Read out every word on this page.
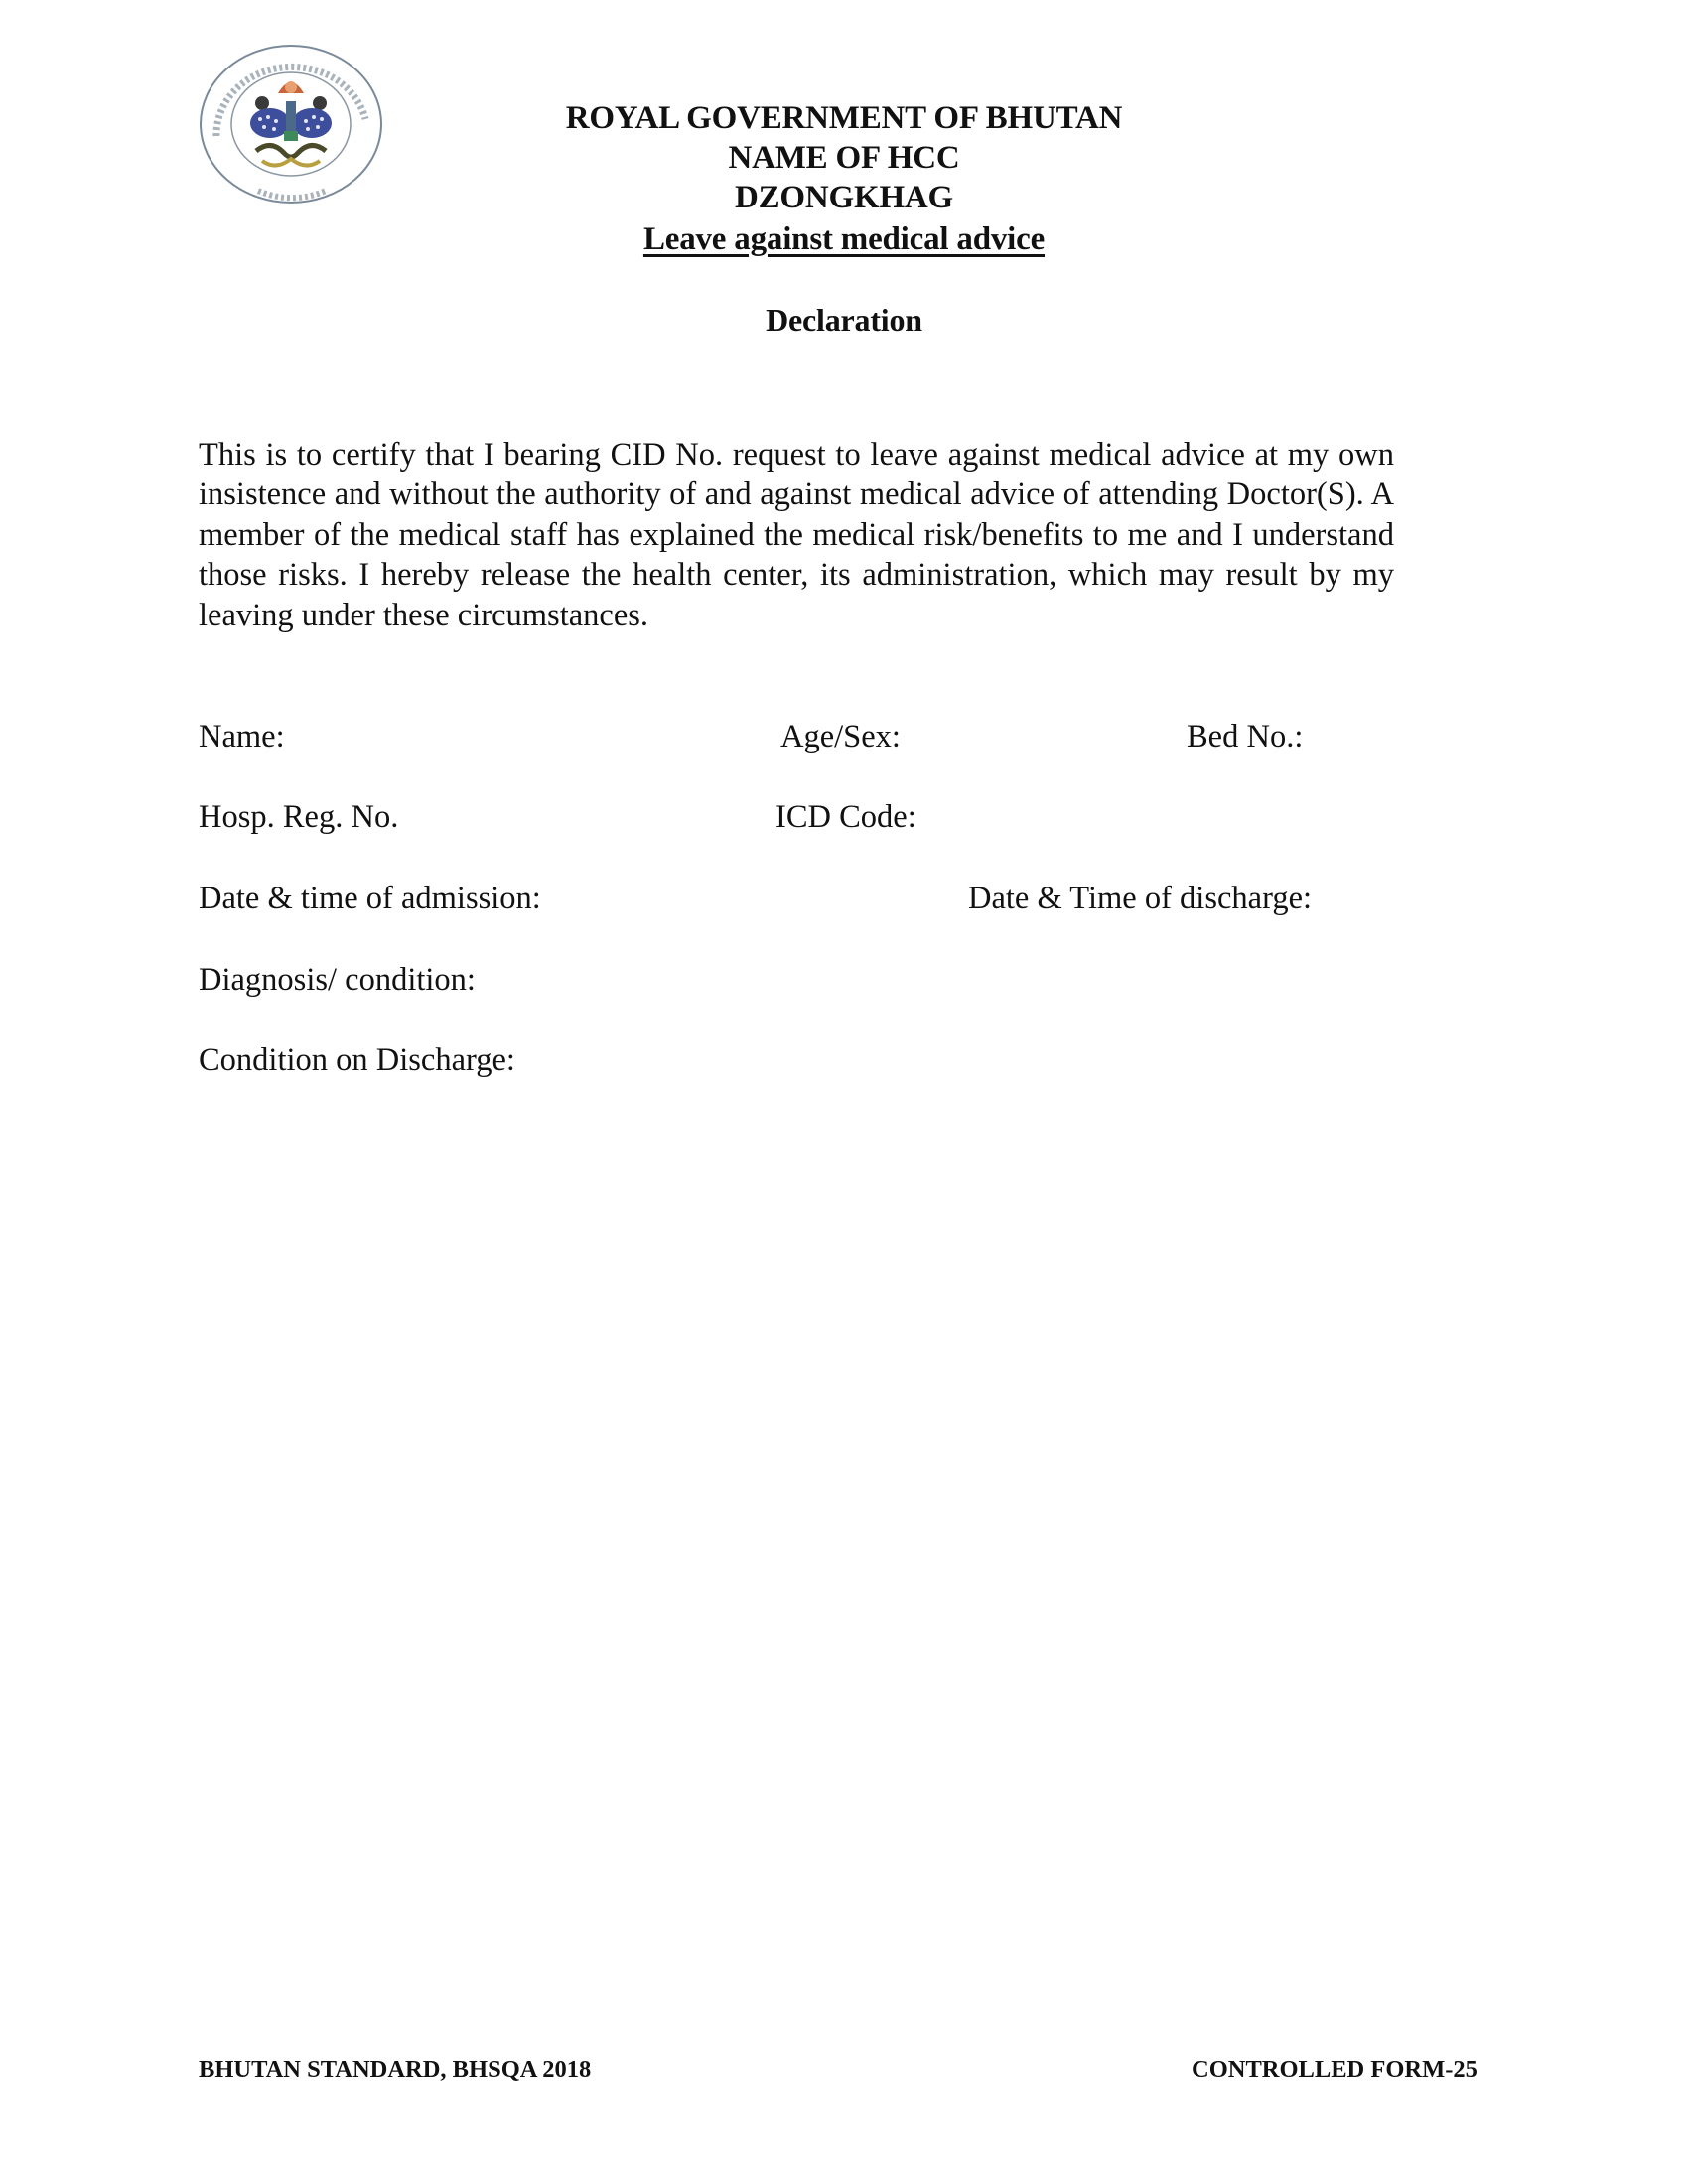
ROYAL GOVERNMENT OF BHUTAN
NAME OF HCC
DZONGKHAG
Leave against medical advice
Declaration

This is to certify that I bearing CID No. request to leave against medical advice at my own insistence and without the authority of and against medical advice of attending Doctor(S). A member of the medical staff has explained the medical risk/benefits to me and I understand those risks. I hereby release the health center, its administration, which may result by my leaving under these circumstances.

Name:	Age/Sex:	Bed No.:
Hosp. Reg. No.	ICD Code:
Date & time of admission:	Date & Time of discharge:
Diagnosis/ condition:
Condition on Discharge:
BHUTAN STANDARD, BHSQA 2018	CONTROLLED FORM-25
